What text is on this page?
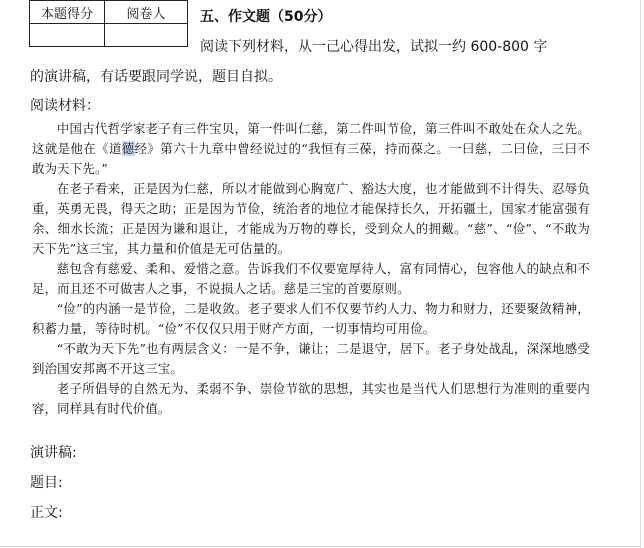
本题得分	阅卷人
	五、作文题（50分）
阅读下列材料，从一己心得出发，试拟一约 600-800 字
的演讲稿，有话要跟同学说，题目自拟。
阅读材料：

中国古代哲学家老子有三件宝贝，第一件叫仁慈，第二件叫节俭，第三件叫不敢处在众人之先。这就是他在《道德经》第六十九章中曾经说过的“我恒有三葆，持而葆之。一曰慈，二曰俭，三曰不敢为天下先。”

在老子看来，正是因为仁慈，所以才能做到心胸宽广、豁达大度，也才能做到不计得失、忍辱负重，英勇无畏，得天之助；正是因为节俭，统治者的地位才能保持长久，开拓疆土，国家才能富强有余、细水长流；正是因为谦和退让，才能成为万物的尊长，受到众人的拥戴。“慈”、“俭”、“不敢为天下先”这三宝，其力量和价值是无可估量的。

慈包含有慈爱、柔和、爱惜之意。告诉我们不仅要宽厚待人，富有同情心，包容他人的缺点和不足，而且还不可做害人之事，不说损人之话。慈是三宝的首要原则。

“俭”的内涵一是节俭，二是收敛。老子要求人们不仅要节约人力、物力和财力，还要聚敛精神，积蓄力量，等待时机。“俭”不仅仅只用于财产方面，一切事情均可用俭。

“不敢为天下先”也有两层含义：一是不争，谦让；二是退守，居下。老子身处战乱，深深地感受到治国安邦离不开这三宝。

老子所倡导的自然无为、柔弱不争、崇俭节欲的思想，其实也是当代人们思想行为准则的重要内容，同样具有时代价值。

演讲稿:
题目:
正文:
